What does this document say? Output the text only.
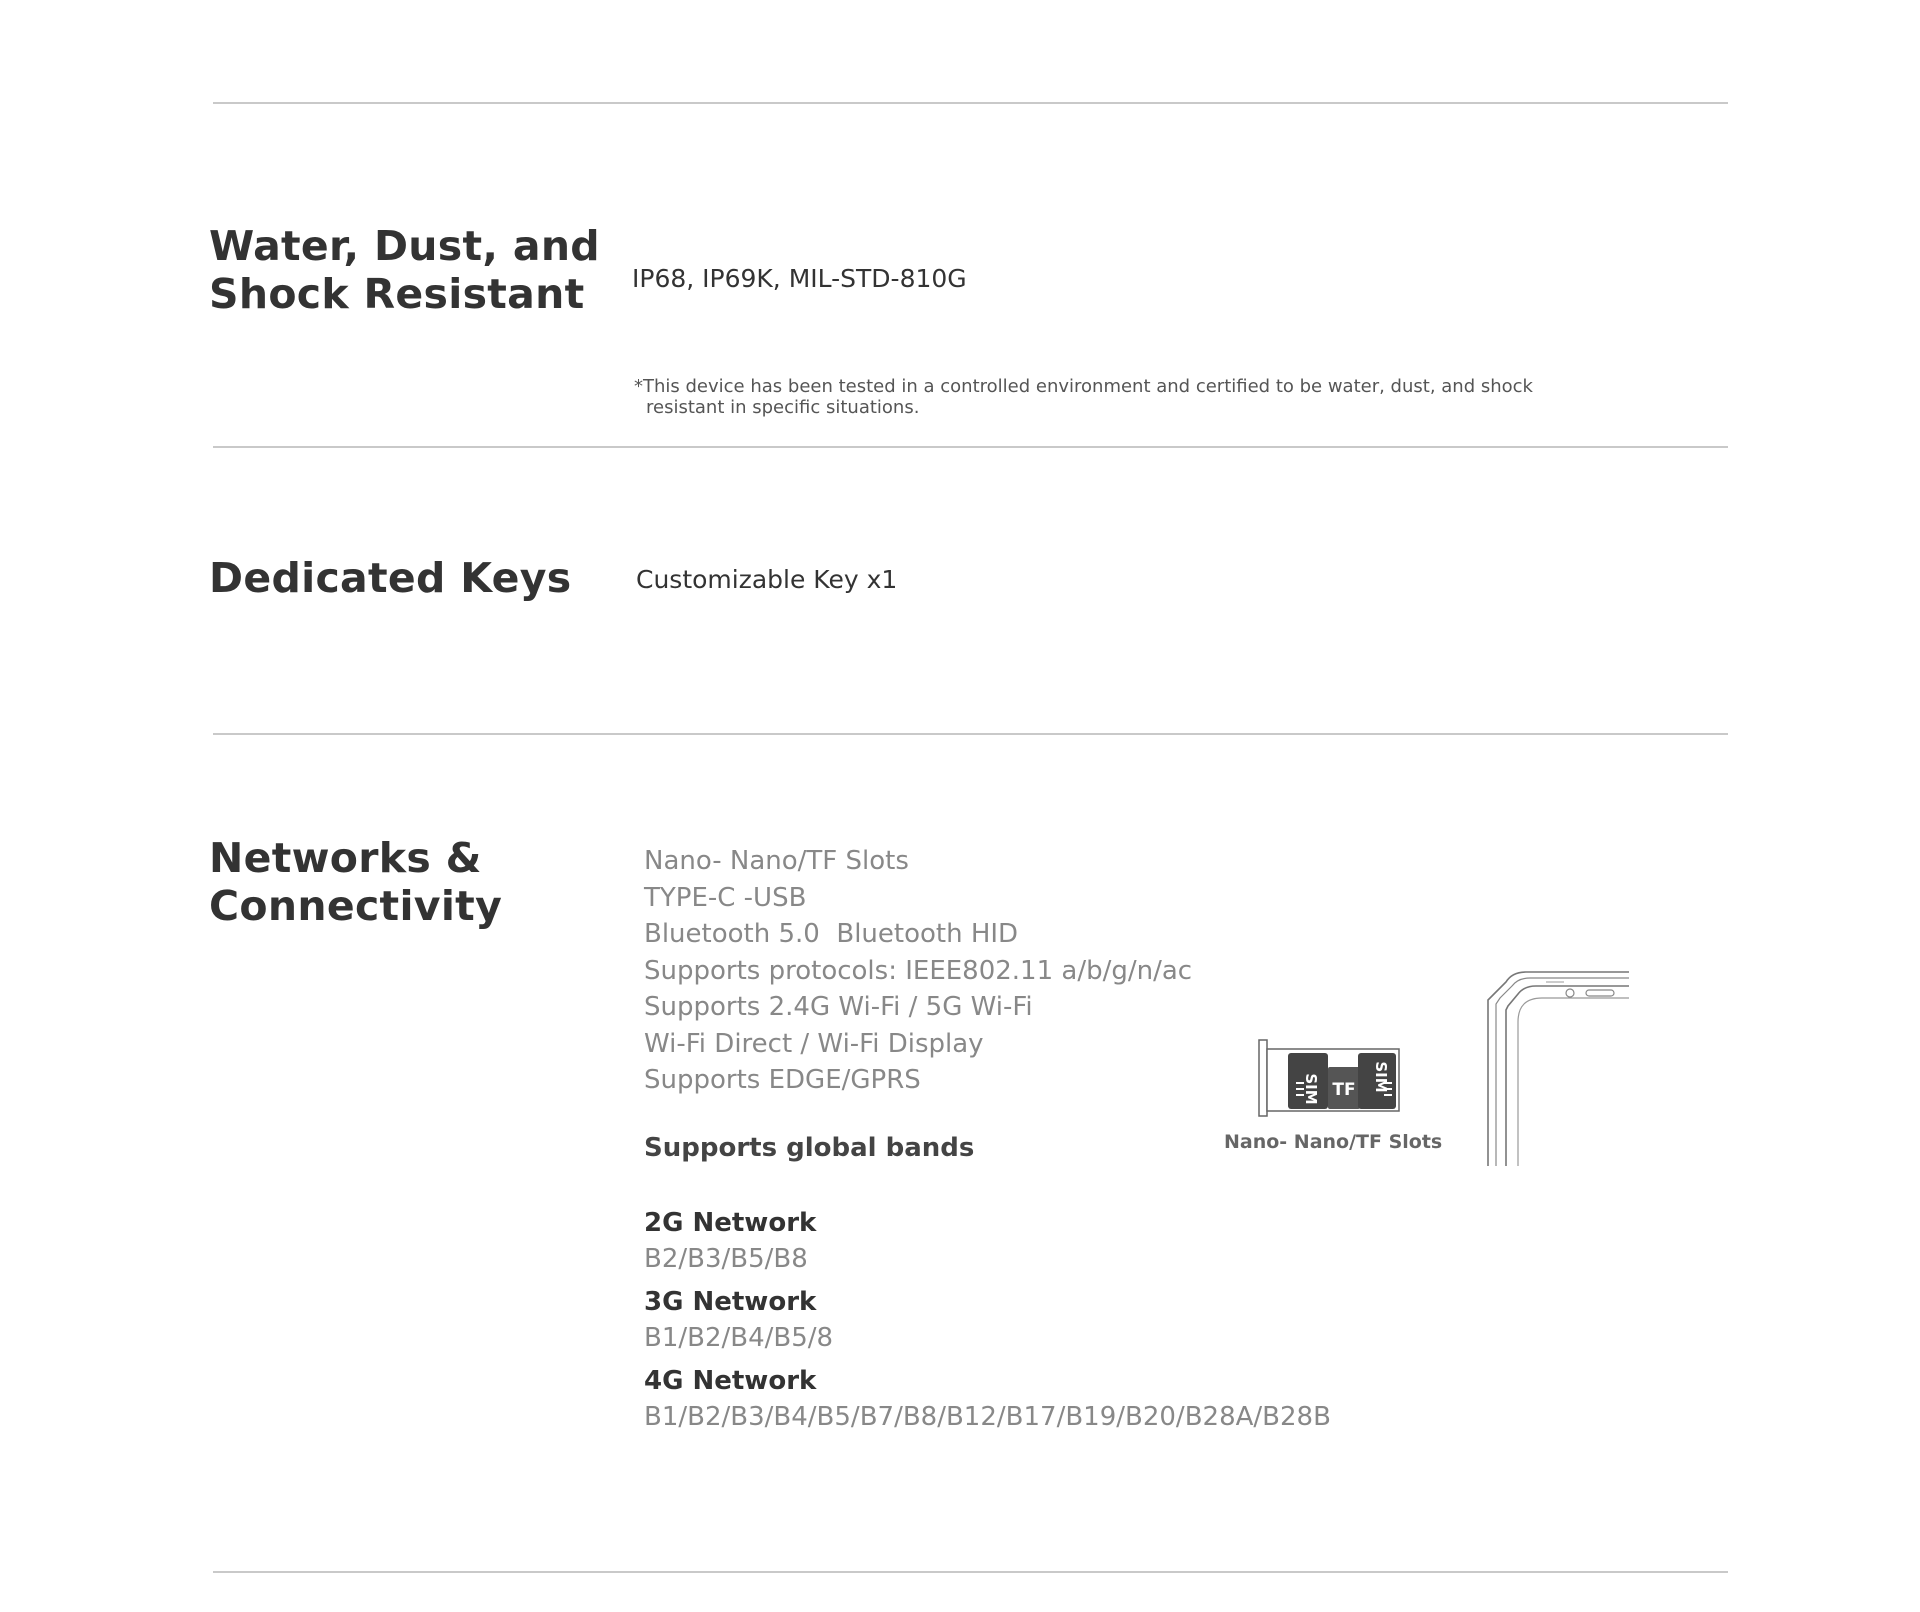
Water, Dust, and
Shock Resistant	IP68, IP69K, MIL-STD-810G

*This device has been tested in a controlled environment and certified to be water, dust, and shock
resistant in specific situations.

Dedicated Keys	Customizable Key x1

Networks &
Connectivity
Nano- Nano/TF Slots
TYPE-C -USB
Bluetooth 5.0  Bluetooth HID
Supports protocols: IEEE802.11 a/b/g/n/ac
Supports 2.4G Wi-Fi / 5G Wi-Fi
Wi-Fi Direct / Wi-Fi Display
Supports EDGE/GPRS

Supports global bands

2G Network
B2/B3/B5/B8
3G Network
B1/B2/B4/B5/8
4G Network
B1/B2/B3/B4/B5/B7/B8/B12/B17/B19/B20/B28A/B28B
SIM TF SIM

Nano- Nano/TF Slots
